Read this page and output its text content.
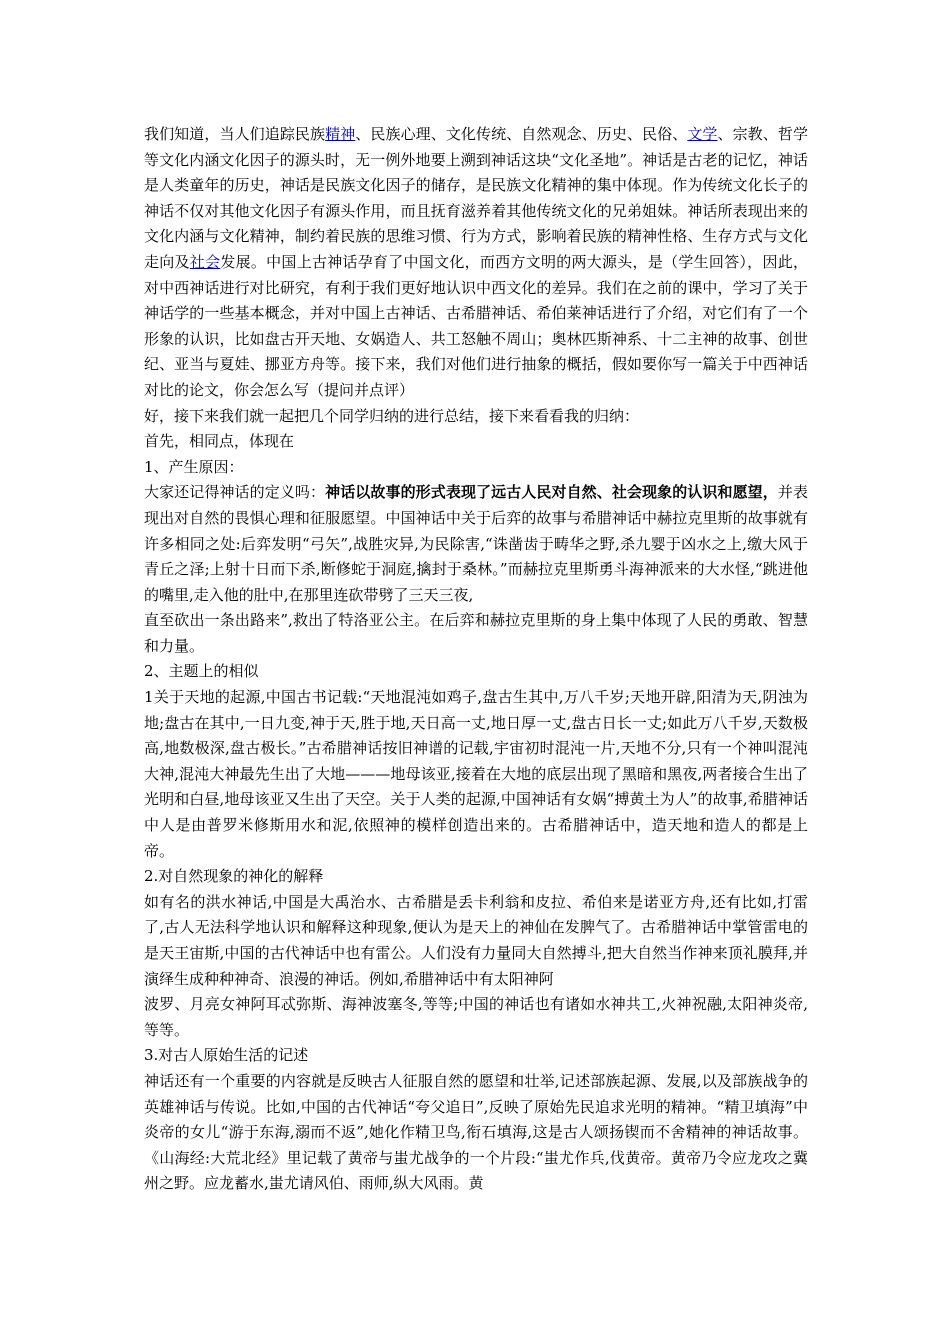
我们知道，当人们追踪民族精神、民族心理、文化传统、自然观念、历史、民俗、文学、宗教、哲学等文化内涵文化因子的源头时，无一例外地要上溯到神话这块“文化圣地”。神话是古老的记忆，神话是人类童年的历史，神话是民族文化因子的储存，是民族文化精神的集中体现。作为传统文化长子的神话不仅对其他文化因子有源头作用，而且抚育滋养着其他传统文化的兄弟姐妹。神话所表现出来的文化内涵与文化精神，制约着民族的思维习惯、行为方式，影响着民族的精神性格、生存方式与文化走向及社会发展。中国上古神话孕育了中国文化，而西方文明的两大源头，是（学生回答），因此，对中西神话进行对比研究，有利于我们更好地认识中西文化的差异。我们在之前的课中，学习了关于神话学的一些基本概念，并对中国上古神话、古希腊神话、希伯莱神话进行了介绍，对它们有了一个形象的认识，比如盘古开天地、女娲造人、共工怒触不周山；奥林匹斯神系、十二主神的故事、创世纪、亚当与夏娃、挪亚方舟等。接下来，我们对他们进行抽象的概括，假如要你写一篇关于中西神话对比的论文，你会怎么写（提问并点评）

好，接下来我们就一起把几个同学归纳的进行总结，接下来看看我的归纳：

首先，相同点，体现在

1、产生原因：

大家还记得神话的定义吗：神话以故事的形式表现了远古人民对自然、社会现象的认识和愿望，并表现出对自然的畏惧心理和征服愿望。中国神话中关于后弈的故事与希腊神话中赫拉克里斯的故事就有许多相同之处:后弈发明“弓矢”,战胜灾异,为民除害,“诛凿齿于畴华之野,杀九婴于凶水之上,缴大风于青丘之泽;上射十日而下杀,断修蛇于洞庭,擒封于桑林。”而赫拉克里斯勇斗海神派来的大水怪,“跳进他的嘴里,走入他的肚中,在那里连砍带劈了三天三夜,

直至砍出一条出路来”,救出了特洛亚公主。在后弈和赫拉克里斯的身上集中体现了人民的勇敢、智慧和力量。

2、主题上的相似

1关于天地的起源,中国古书记载:“天地混沌如鸡子,盘古生其中,万八千岁;天地开辟,阳清为天,阴浊为地;盘古在其中,一日九变,神于天,胜于地,天日高一丈,地日厚一丈,盘古日长一丈;如此万八千岁,天数极高,地数极深,盘古极长。”古希腊神话按旧神谱的记载,宇宙初时混沌一片,天地不分,只有一个神叫混沌大神,混沌大神最先生出了大地———地母该亚,接着在大地的底层出现了黑暗和黑夜,两者接合生出了光明和白昼,地母该亚又生出了天空。关于人类的起源,中国神话有女娲“搏黄土为人”的故事,希腊神话中人是由普罗米修斯用水和泥,依照神的模样创造出来的。古希腊神话中，造天地和造人的都是上帝。

2.对自然现象的神化的解释

如有名的洪水神话,中国是大禹治水、古希腊是丢卡利翁和皮拉、希伯来是诺亚方舟,还有比如,打雷了,古人无法科学地认识和解释这种现象,便认为是天上的神仙在发脾气了。古希腊神话中掌管雷电的是天王宙斯,中国的古代神话中也有雷公。人们没有力量同大自然搏斗,把大自然当作神来顶礼膜拜,并演绎生成种种神奇、浪漫的神话。例如,希腊神话中有太阳神阿

波罗、月亮女神阿耳忒弥斯、海神波塞冬,等等;中国的神话也有诸如水神共工,火神祝融,太阳神炎帝,等等。

3.对古人原始生活的记述

神话还有一个重要的内容就是反映古人征服自然的愿望和壮举,记述部族起源、发展,以及部族战争的英雄神话与传说。比如,中国的古代神话“夸父追日”,反映了原始先民追求光明的精神。“精卫填海”中炎帝的女儿“游于东海,溺而不返”,她化作精卫鸟,衔石填海,这是古人颂扬锲而不舍精神的神话故事。《山海经:大荒北经》里记载了黄帝与蚩尤战争的一个片段:“蚩尤作兵,伐黄帝。黄帝乃令应龙攻之冀州之野。应龙蓄水,蚩尤请风伯、雨师,纵大风雨。黄
